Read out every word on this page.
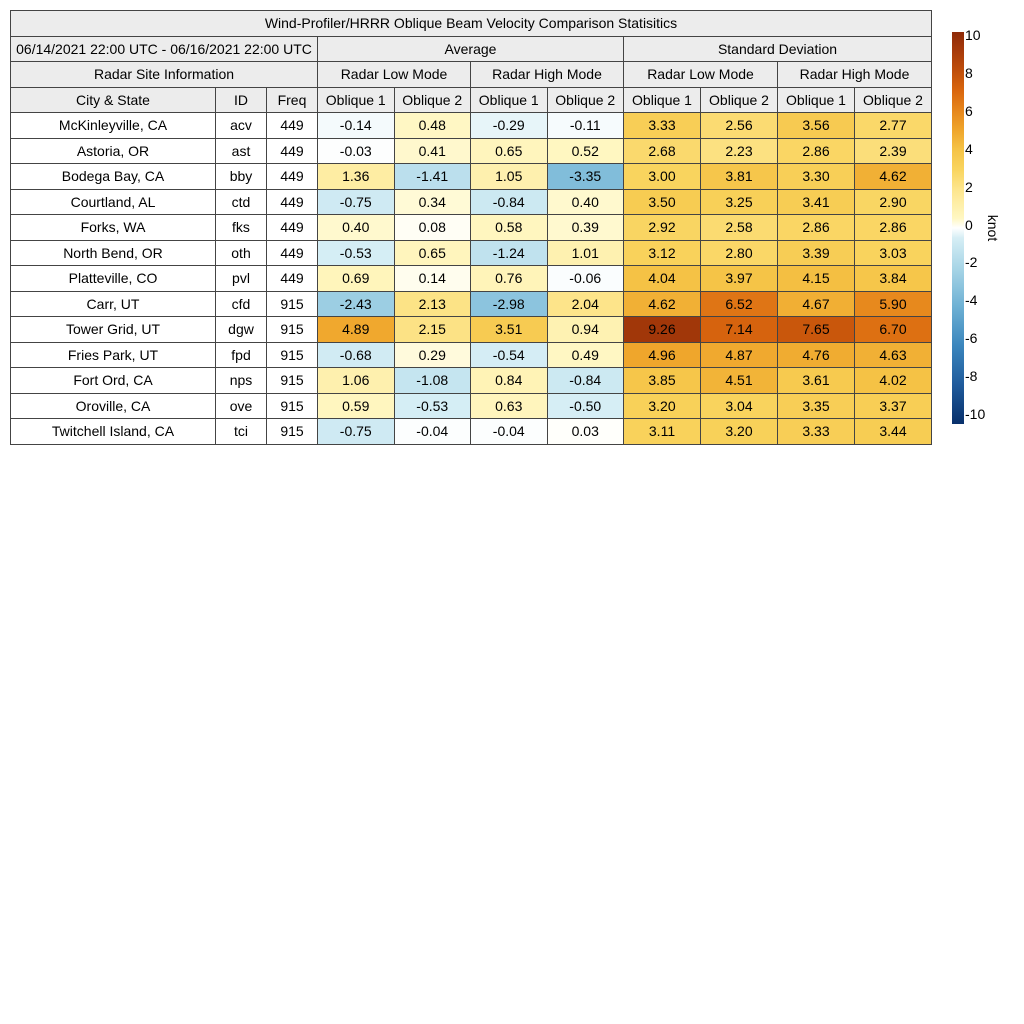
Wind-Profiler/HRRR Oblique Beam Velocity Comparison Statisitics										
06/14/2021 22:00 UTC - 06/16/2021 22:00 UTC			Average				Standard Deviation			
Radar Site Information			Radar Low Mode		Radar High Mode		Radar Low Mode		Radar High Mode	
City & State	ID	Freq	Oblique 1	Oblique 2	Oblique 1	Oblique 2	Oblique 1	Oblique 2	Oblique 1	Oblique 2
McKinleyville, CA	acv	449	-0.14	0.48	-0.29	-0.11	3.33	2.56	3.56	2.77
Astoria, OR	ast	449	-0.03	0.41	0.65	0.52	2.68	2.23	2.86	2.39
Bodega Bay, CA	bby	449	1.36	-1.41	1.05	-3.35	3.00	3.81	3.30	4.62
Courtland, AL	ctd	449	-0.75	0.34	-0.84	0.40	3.50	3.25	3.41	2.90
Forks, WA	fks	449	0.40	0.08	0.58	0.39	2.92	2.58	2.86	2.86
North Bend, OR	oth	449	-0.53	0.65	-1.24	1.01	3.12	2.80	3.39	3.03
Platteville, CO	pvl	449	0.69	0.14	0.76	-0.06	4.04	3.97	4.15	3.84
Carr, UT	cfd	915	-2.43	2.13	-2.98	2.04	4.62	6.52	4.67	5.90
Tower Grid, UT	dgw	915	4.89	2.15	3.51	0.94	9.26	7.14	7.65	6.70
Fries Park, UT	fpd	915	-0.68	0.29	-0.54	0.49	4.96	4.87	4.76	4.63
Fort Ord, CA	nps	915	1.06	-1.08	0.84	-0.84	3.85	4.51	3.61	4.02
Oroville, CA	ove	915	0.59	-0.53	0.63	-0.50	3.20	3.04	3.35	3.37
Twitchell Island, CA	tci	915	-0.75	-0.04	-0.04	0.03	3.11	3.20	3.33	3.44
10
8
6
4
2
0
-2
-4
-6
-8
-10
knot
